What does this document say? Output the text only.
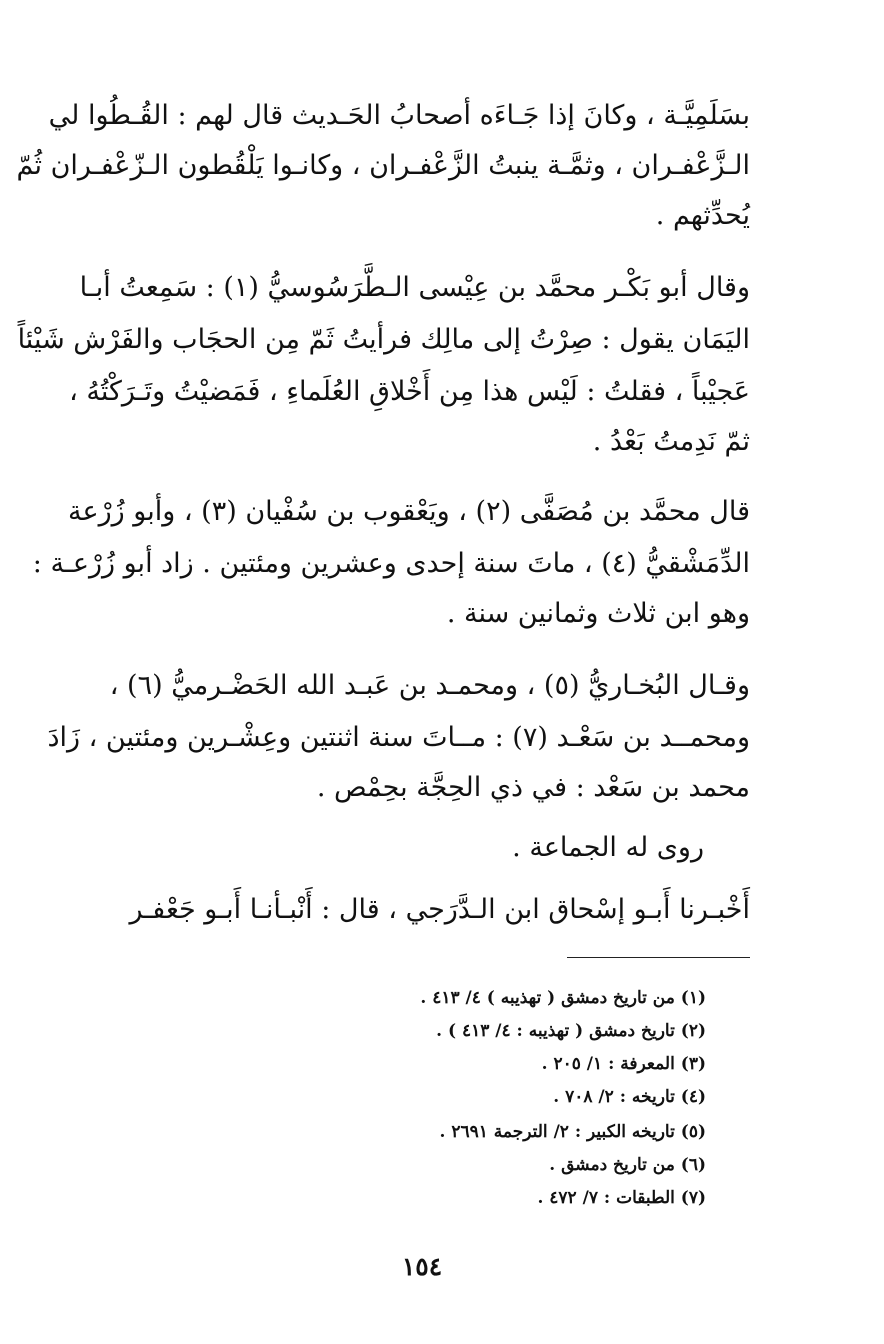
بسَلَمِيَّـة ، وكانَ إذا جَـاءَه أصحابُ الحَـديث قال لهم : القُـطُوا لي
الـزَّعْفـران ، وثمَّـة ينبتُ الزَّعْفـران ، وكانـوا يَلْقُطون الـزّعْفـران ثُمّ
يُحدِّثهم .
وقال أبو بَكْـر محمَّد بن عِيْسى الـطَّرَسُوسيُّ (١) : سَمِعتُ أبـا
اليَمَان يقول : صِرْتُ إلى مالِك فرأيتُ ثَمّ مِن الحجَاب والفَرْش شَيْئاً
عَجيْباً ، فقلتُ : لَيْس هذا مِن أَخْلاقِ العُلَماءِ ، فَمَضيْتُ وتَـرَكْتُهُ ،
ثمّ نَدِمتُ بَعْدُ .
قال محمَّد بن مُصَفَّى (٢) ، ويَعْقوب بن سُفْيان (٣) ، وأبو زُرْعة
الدِّمَشْقيُّ (٤) ، ماتَ سنة إحدى وعشرين ومئتين . زاد أبو زُرْعـة :
وهو ابن ثلاث وثمانين سنة .
وقـال البُخـاريُّ (٥) ، ومحمـد بن عَبـد الله الحَضْـرميُّ (٦) ،
ومحمــد بن سَعْـد (٧) : مــاتَ سنة اثنتين وعِشْـرين ومئتين ، زَادَ
محمد بن سَعْد : في ذي الحِجَّة بحِمْص .
روى له الجماعة .
أَخْبـرنا أَبـو إسْحاق ابن الـدَّرَجي ، قال : أَنْبـأنـا أَبـو جَعْفـر
(١) من تاريخ دمشق ( تهذيبه ) ٤/ ٤١٣ .
(٢) تاريخ دمشق ( تهذيبه : ٤/ ٤١٣ ) .
(٣) المعرفة : ١/ ٢٠٥ .
(٤) تاريخه : ٢/ ٧٠٨ .
(٥) تاريخه الكبير : ٢/ الترجمة ٢٦٩١ .
(٦) من تاريخ دمشق .
(٧) الطبقات : ٧/ ٤٧٢ .
١٥٤
